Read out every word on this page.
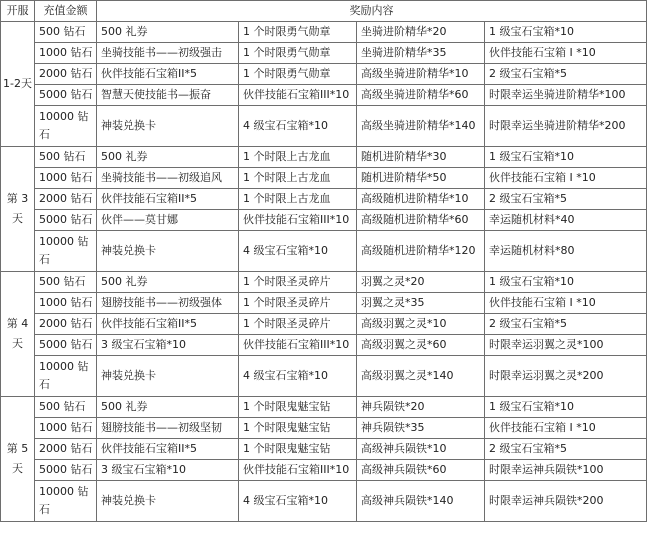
开服	充值金额	奖励内容			
1-2天	500 钻石	500 礼券	1 个时限勇气勋章	坐骑进阶精华*20	1 级宝石宝箱*10
	1000 钻石	坐骑技能书——初级强击	1 个时限勇气勋章	坐骑进阶精华*35	伙伴技能石宝箱 I *10
	2000 钻石	伙伴技能石宝箱II*5	1 个时限勇气勋章	高级坐骑进阶精华*10	2 级宝石宝箱*5
	5000 钻石	智慧天使技能书—振奋	伙伴技能石宝箱III*10	高级坐骑进阶精华*60	时限幸运坐骑进阶精华*100
	10000 钻石	神装兑换卡	4 级宝石宝箱*10	高级坐骑进阶精华*140	时限幸运坐骑进阶精华*200
第 3 天	500 钻石	500 礼券	1 个时限上古龙血	随机进阶精华*30	1 级宝石宝箱*10
	1000 钻石	坐骑技能书——初级追风	1 个时限上古龙血	随机进阶精华*50	伙伴技能石宝箱 I *10
	2000 钻石	伙伴技能石宝箱II*5	1 个时限上古龙血	高级随机进阶精华*10	2 级宝石宝箱*5
	5000 钻石	伙伴——莫甘娜	伙伴技能石宝箱III*10	高级随机进阶精华*60	幸运随机材料*40
	10000 钻石	神装兑换卡	4 级宝石宝箱*10	高级随机进阶精华*120	幸运随机材料*80
第 4 天	500 钻石	500 礼券	1 个时限圣灵碎片	羽翼之灵*20	1 级宝石宝箱*10
	1000 钻石	翅膀技能书——初级强体	1 个时限圣灵碎片	羽翼之灵*35	伙伴技能石宝箱 I *10
	2000 钻石	伙伴技能石宝箱II*5	1 个时限圣灵碎片	高级羽翼之灵*10	2 级宝石宝箱*5
	5000 钻石	3 级宝石宝箱*10	伙伴技能石宝箱III*10	高级羽翼之灵*60	时限幸运羽翼之灵*100
	10000 钻石	神装兑换卡	4 级宝石宝箱*10	高级羽翼之灵*140	时限幸运羽翼之灵*200
第 5 天	500 钻石	500 礼券	1 个时限鬼魅宝钻	神兵陨铁*20	1 级宝石宝箱*10
	1000 钻石	翅膀技能书——初级坚韧	1 个时限鬼魅宝钻	神兵陨铁*35	伙伴技能石宝箱 I *10
	2000 钻石	伙伴技能石宝箱II*5	1 个时限鬼魅宝钻	高级神兵陨铁*10	2 级宝石宝箱*5
	5000 钻石	3 级宝石宝箱*10	伙伴技能石宝箱III*10	高级神兵陨铁*60	时限幸运神兵陨铁*100
	10000 钻石	神装兑换卡	4 级宝石宝箱*10	高级神兵陨铁*140	时限幸运神兵陨铁*200
